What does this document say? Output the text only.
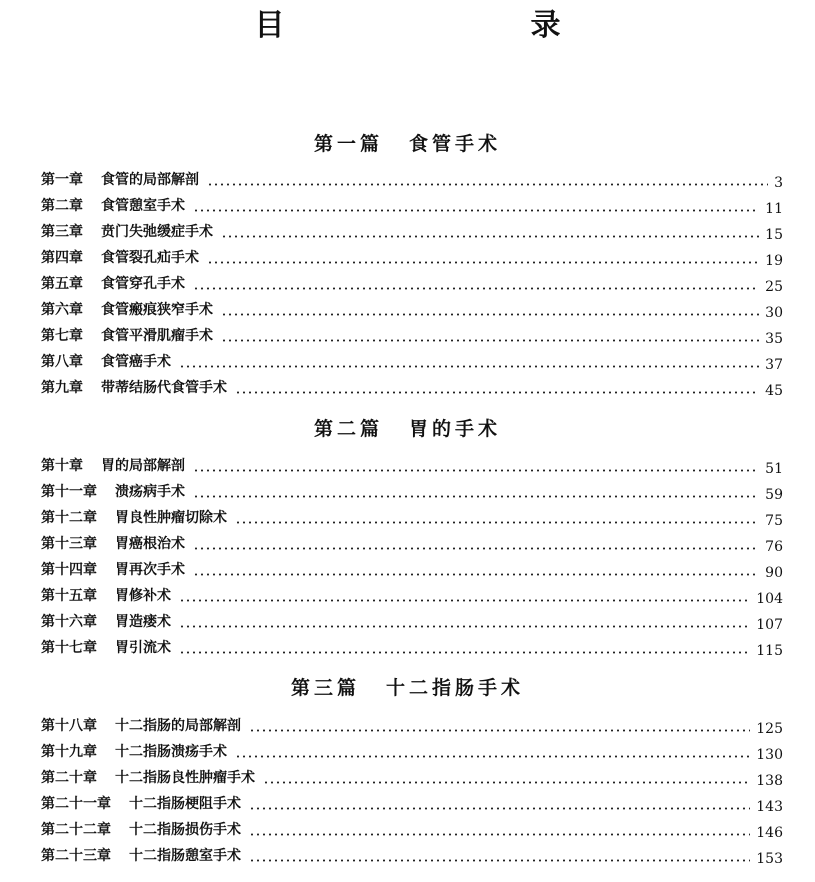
目　　录
第一篇 食管手术
第一章	食管的局部解剖	3
第二章	食管憩室手术	11
第三章	贲门失弛缓症手术	15
第四章	食管裂孔疝手术	19
第五章	食管穿孔手术	25
第六章	食管瘢痕狭窄手术	30
第七章	食管平滑肌瘤手术	35
第八章	食管癌手术	37
第九章	带蒂结肠代食管手术	45
第二篇 胃的手术
第十章	胃的局部解剖	51
第十一章	溃疡病手术	59
第十二章	胃良性肿瘤切除术	75
第十三章	胃癌根治术	76
第十四章	胃再次手术	90
第十五章	胃修补术	104
第十六章	胃造瘘术	107
第十七章	胃引流术	115
第三篇 十二指肠手术
第十八章	十二指肠的局部解剖	125
第十九章	十二指肠溃疡手术	130
第二十章	十二指肠良性肿瘤手术	138
第二十一章	十二指肠梗阻手术	143
第二十二章	十二指肠损伤手术	146
第二十三章	十二指肠憩室手术	153
